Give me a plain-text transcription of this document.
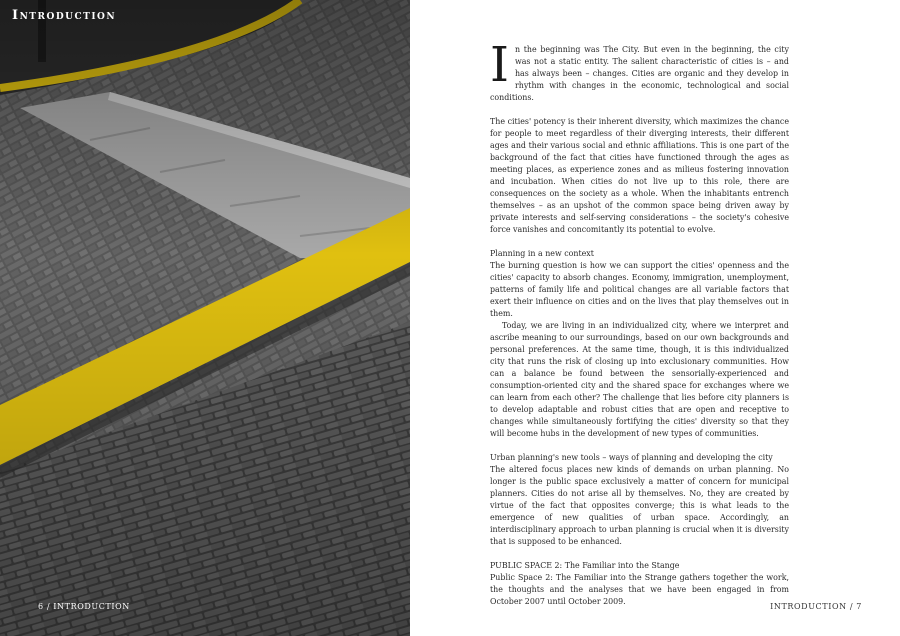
Introduction
6 / INTRODUCTION

In the beginning was The City. But even in the beginning, the city was not a static entity. The salient characteristic of cities is – and has always been – changes. Cities are organic and they develop in rhythm with changes in the economic, technological and social conditions.

The cities' potency is their inherent diversity, which maximizes the chance for people to meet regardless of their diverging interests, their different ages and their various social and ethnic affiliations. This is one part of the background of the fact that cities have functioned through the ages as meeting places, as experience zones and as milieus fostering innovation and incubation. When cities do not live up to this role, there are consequences on the society as a whole. When the inhabitants entrench themselves – as an upshot of the common space being driven away by private interests and self-serving considerations – the society's cohesive force vanishes and concomitantly its potential to evolve.

Planning in a new context

The burning question is how we can support the cities' openness and the cities' capacity to absorb changes. Economy, immigration, unemployment, patterns of family life and political changes are all variable factors that exert their influence on cities and on the lives that play themselves out in them.

Today, we are living in an individualized city, where we interpret and ascribe meaning to our surroundings, based on our own backgrounds and personal preferences. At the same time, though, it is this individualized city that runs the risk of closing up into exclusionary communities. How can a balance be found between the sensorially-experienced and consumption-oriented city and the shared space for exchanges where we can learn from each other? The challenge that lies before city planners is to develop adaptable and robust cities that are open and receptive to changes while simultaneously fortifying the cities' diversity so that they will become hubs in the development of new types of communities.

Urban planning's new tools – ways of planning and developing the city

The altered focus places new kinds of demands on urban planning. No longer is the public space exclusively a matter of concern for municipal planners. Cities do not arise all by themselves. No, they are created by virtue of the fact that opposites converge; this is what leads to the emergence of new qualities of urban space. Accordingly, an interdisciplinary approach to urban planning is crucial when it is diversity that is supposed to be enhanced.

PUBLIC SPACE 2: The Familiar into the Stange

Public Space 2: The Familiar into the Strange gathers together the work, the thoughts and the analyses that we have been engaged in from October 2007 until October 2009.

INTRODUCTION / 7
